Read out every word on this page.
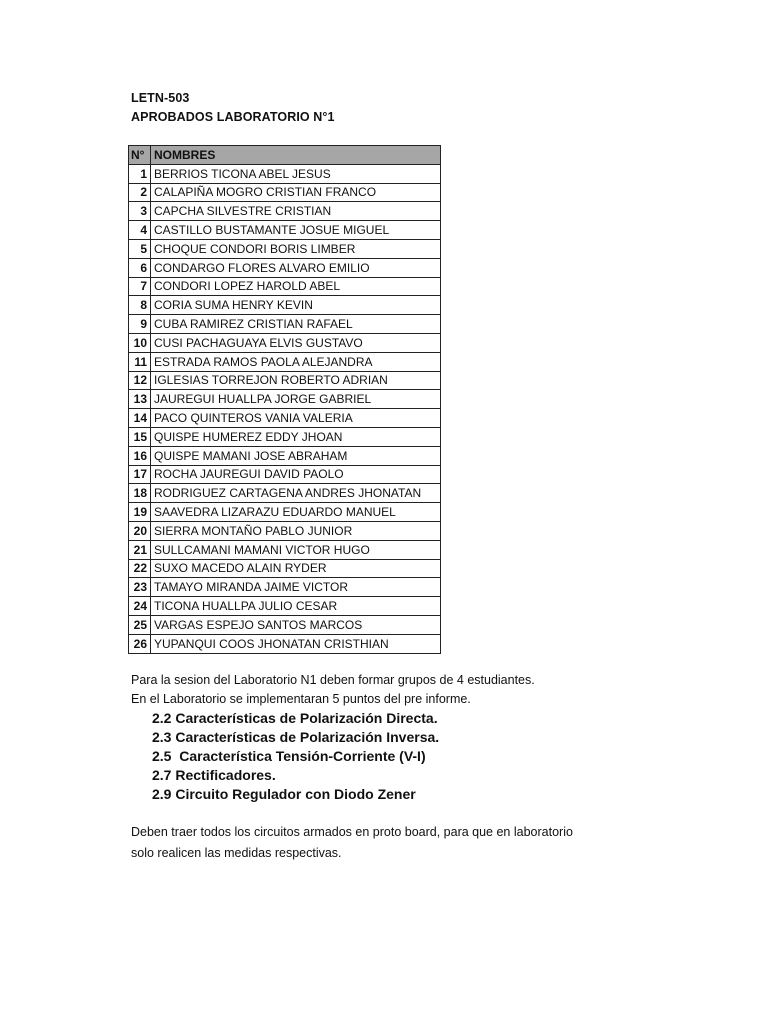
LETN-503
APROBADOS LABORATORIO N°1
N°	NOMBRES
1	BERRIOS TICONA ABEL JESUS
2	CALAPIÑA MOGRO CRISTIAN FRANCO
3	CAPCHA SILVESTRE CRISTIAN
4	CASTILLO BUSTAMANTE JOSUE MIGUEL
5	CHOQUE CONDORI BORIS LIMBER
6	CONDARGO FLORES ALVARO EMILIO
7	CONDORI LOPEZ HAROLD ABEL
8	CORIA SUMA HENRY KEVIN
9	CUBA RAMIREZ CRISTIAN RAFAEL
10	CUSI PACHAGUAYA ELVIS GUSTAVO
11	ESTRADA RAMOS PAOLA ALEJANDRA
12	IGLESIAS TORREJON ROBERTO ADRIAN
13	JAUREGUI HUALLPA JORGE GABRIEL
14	PACO QUINTEROS VANIA VALERIA
15	QUISPE HUMEREZ EDDY JHOAN
16	QUISPE MAMANI JOSE ABRAHAM
17	ROCHA JAUREGUI DAVID PAOLO
18	RODRIGUEZ CARTAGENA ANDRES JHONATAN
19	SAAVEDRA LIZARAZU EDUARDO MANUEL
20	SIERRA MONTAÑO PABLO JUNIOR
21	SULLCAMANI MAMANI VICTOR HUGO
22	SUXO MACEDO ALAIN RYDER
23	TAMAYO MIRANDA JAIME VICTOR
24	TICONA HUALLPA JULIO CESAR
25	VARGAS ESPEJO SANTOS MARCOS
26	YUPANQUI COOS JHONATAN CRISTHIAN
Para la sesion del Laboratorio N1 deben formar grupos de 4 estudiantes.
En el Laboratorio se implementaran 5 puntos del pre informe.
2.2 Características de Polarización Directa.
2.3 Características de Polarización Inversa.
2.5  Característica Tensión-Corriente (V-I)
2.7 Rectificadores.
2.9 Circuito Regulador con Diodo Zener
Deben traer todos los circuitos armados en proto board, para que en laboratorio
solo realicen las medidas respectivas.
